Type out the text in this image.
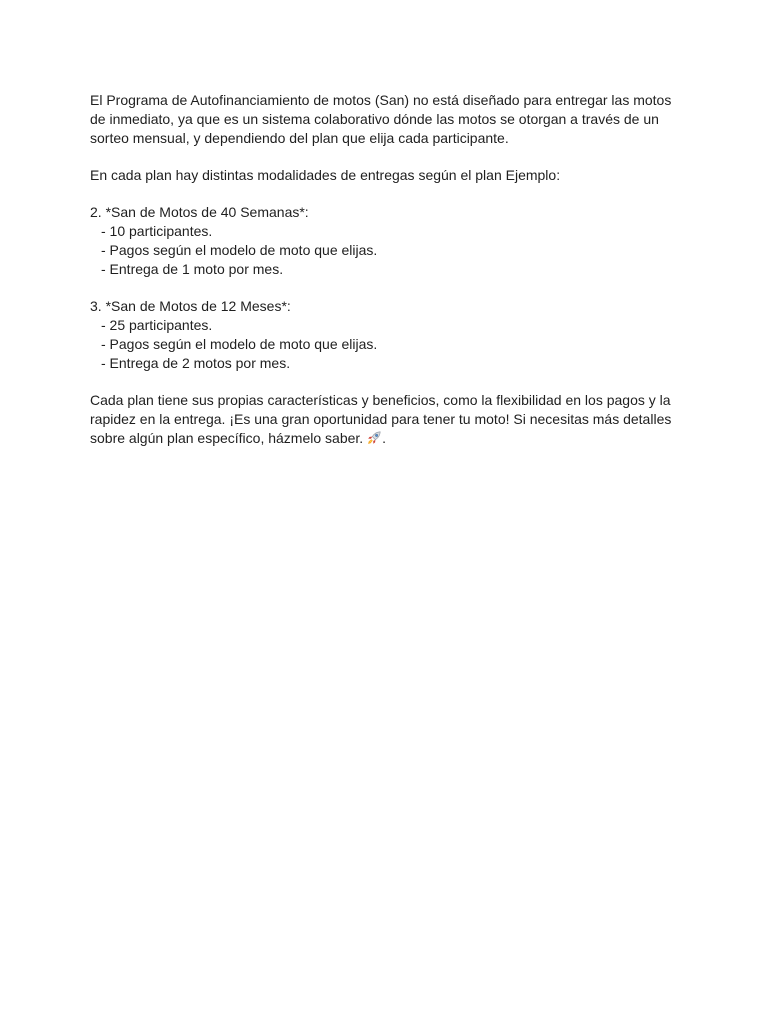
El Programa de Autofinanciamiento de motos (San) no está diseñado para entregar las motos de inmediato, ya que es un sistema colaborativo dónde las motos se otorgan a través de un sorteo mensual, y dependiendo del plan que elija cada participante.

En cada plan hay distintas modalidades de entregas según el plan Ejemplo:

2. *San de Motos de 40 Semanas*:

- 10 participantes.

- Pagos según el modelo de moto que elijas.

- Entrega de 1 moto por mes.

3. *San de Motos de 12 Meses*:

- 25 participantes.

- Pagos según el modelo de moto que elijas.

- Entrega de 2 motos por mes.

Cada plan tiene sus propias características y beneficios, como la flexibilidad en los pagos y la rapidez en la entrega. ¡Es una gran oportunidad para tener tu moto! Si necesitas más detalles sobre algún plan específico, házmelo saber. .
